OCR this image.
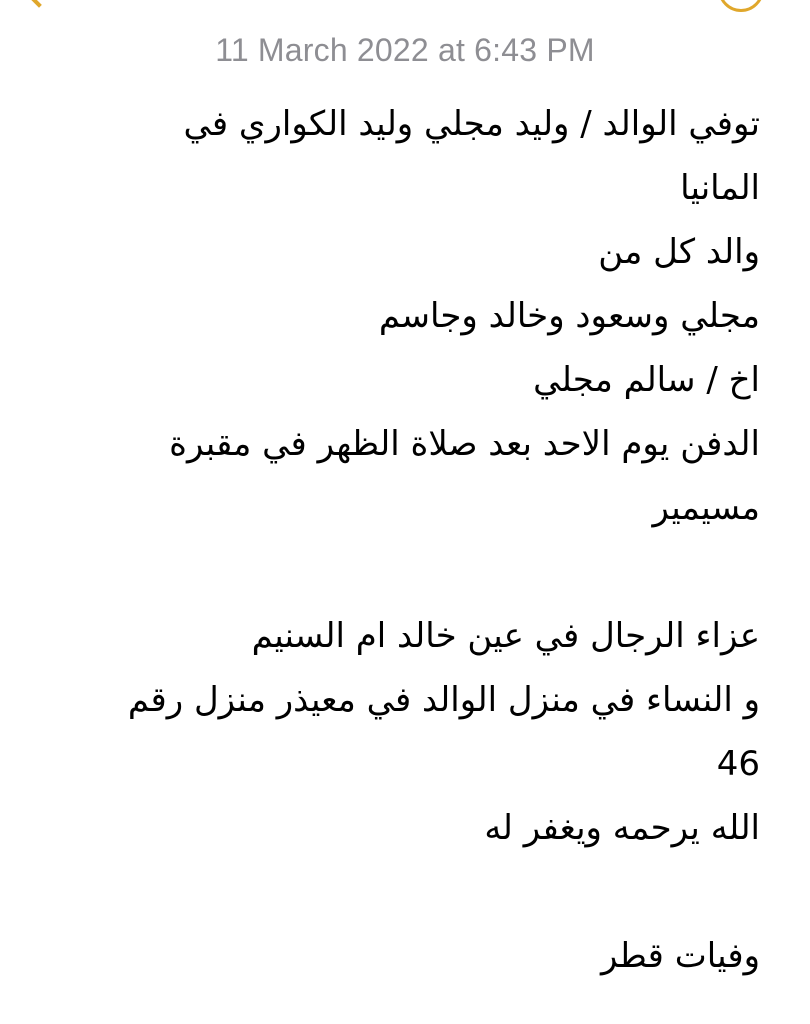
11 March 2022 at 6:43 PM
توفي الوالد / وليد مجلي وليد الكواري في
المانيا
والد كل من
مجلي وسعود وخالد وجاسم
اخ / سالم مجلي
الدفن يوم الاحد بعد صلاة الظهر في مقبرة
مسيمير
عزاء الرجال في عين خالد ام السنيم
و النساء في منزل الوالد في معيذر منزل رقم
46
الله يرحمه ويغفر له
وفيات قطر
